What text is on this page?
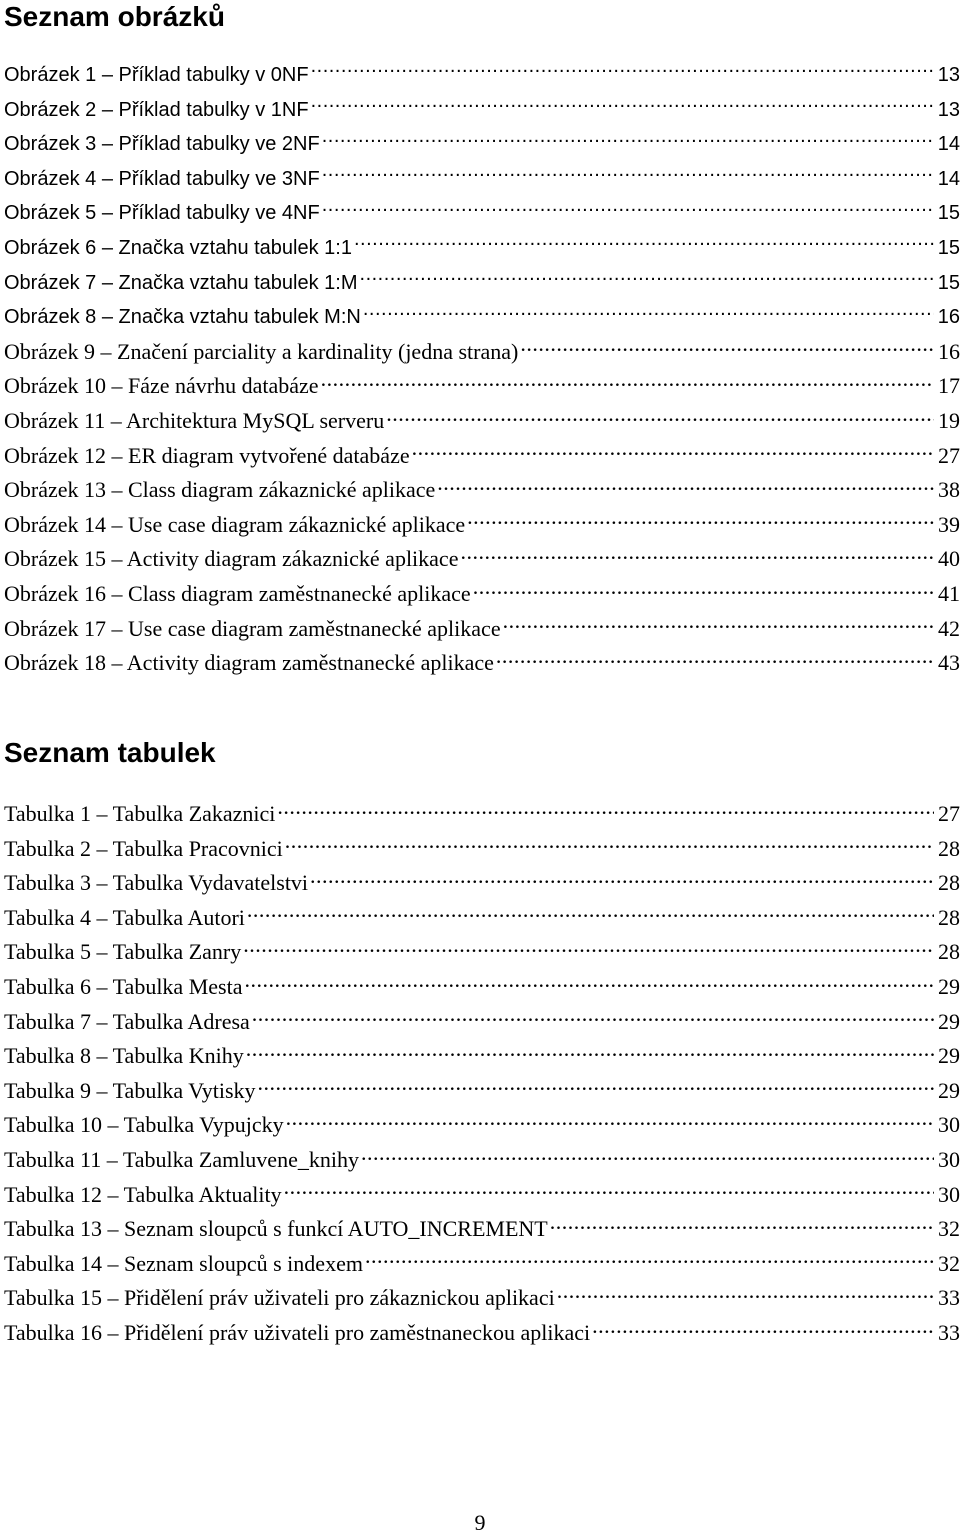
Seznam obrázků
Obrázek 1 – Příklad tabulky v 0NF .....	13
Obrázek 2 – Příklad tabulky v 1NF .....	13
Obrázek 3 – Příklad tabulky ve 2NF .....	14
Obrázek 4 – Příklad tabulky ve 3NF .....	14
Obrázek 5 – Příklad tabulky ve 4NF .....	15
Obrázek 6 – Značka vztahu tabulek 1:1 .....	15
Obrázek 7 – Značka vztahu tabulek 1:M .....	15
Obrázek 8 – Značka vztahu tabulek M:N .....	16
Obrázek 9 – Značení parciality a kardinality (jedna strana) .....	16
Obrázek 10 – Fáze návrhu databáze .....	17
Obrázek 11 – Architektura MySQL serveru .....	19
Obrázek 12 – ER diagram vytvořené databáze .....	27
Obrázek 13 – Class diagram zákaznické aplikace .....	38
Obrázek 14 – Use case diagram zákaznické aplikace .....	39
Obrázek 15 – Activity diagram zákaznické aplikace .....	40
Obrázek 16 – Class diagram zaměstnanecké aplikace .....	41
Obrázek 17 – Use case diagram zaměstnanecké aplikace .....	42
Obrázek 18 – Activity diagram zaměstnanecké aplikace .....	43
Seznam tabulek
Tabulka 1 – Tabulka Zakaznici .....	27
Tabulka 2 – Tabulka Pracovnici .....	28
Tabulka 3 – Tabulka Vydavatelstvi .....	28
Tabulka 4 – Tabulka Autori .....	28
Tabulka 5 – Tabulka Zanry .....	28
Tabulka 6 – Tabulka Mesta .....	29
Tabulka 7 – Tabulka Adresa .....	29
Tabulka 8 – Tabulka Knihy .....	29
Tabulka 9 – Tabulka Vytisky .....	29
Tabulka 10 – Tabulka Vypujcky .....	30
Tabulka 11 – Tabulka Zamluvene_knihy .....	30
Tabulka 12 – Tabulka Aktuality .....	30
Tabulka 13 – Seznam sloupců s funkcí AUTO_INCREMENT .....	32
Tabulka 14 – Seznam sloupců s indexem .....	32
Tabulka 15 – Přidělení práv uživateli pro zákaznickou aplikaci .....	33
Tabulka 16 – Přidělení práv uživateli pro zaměstnaneckou aplikaci .....	33
9
